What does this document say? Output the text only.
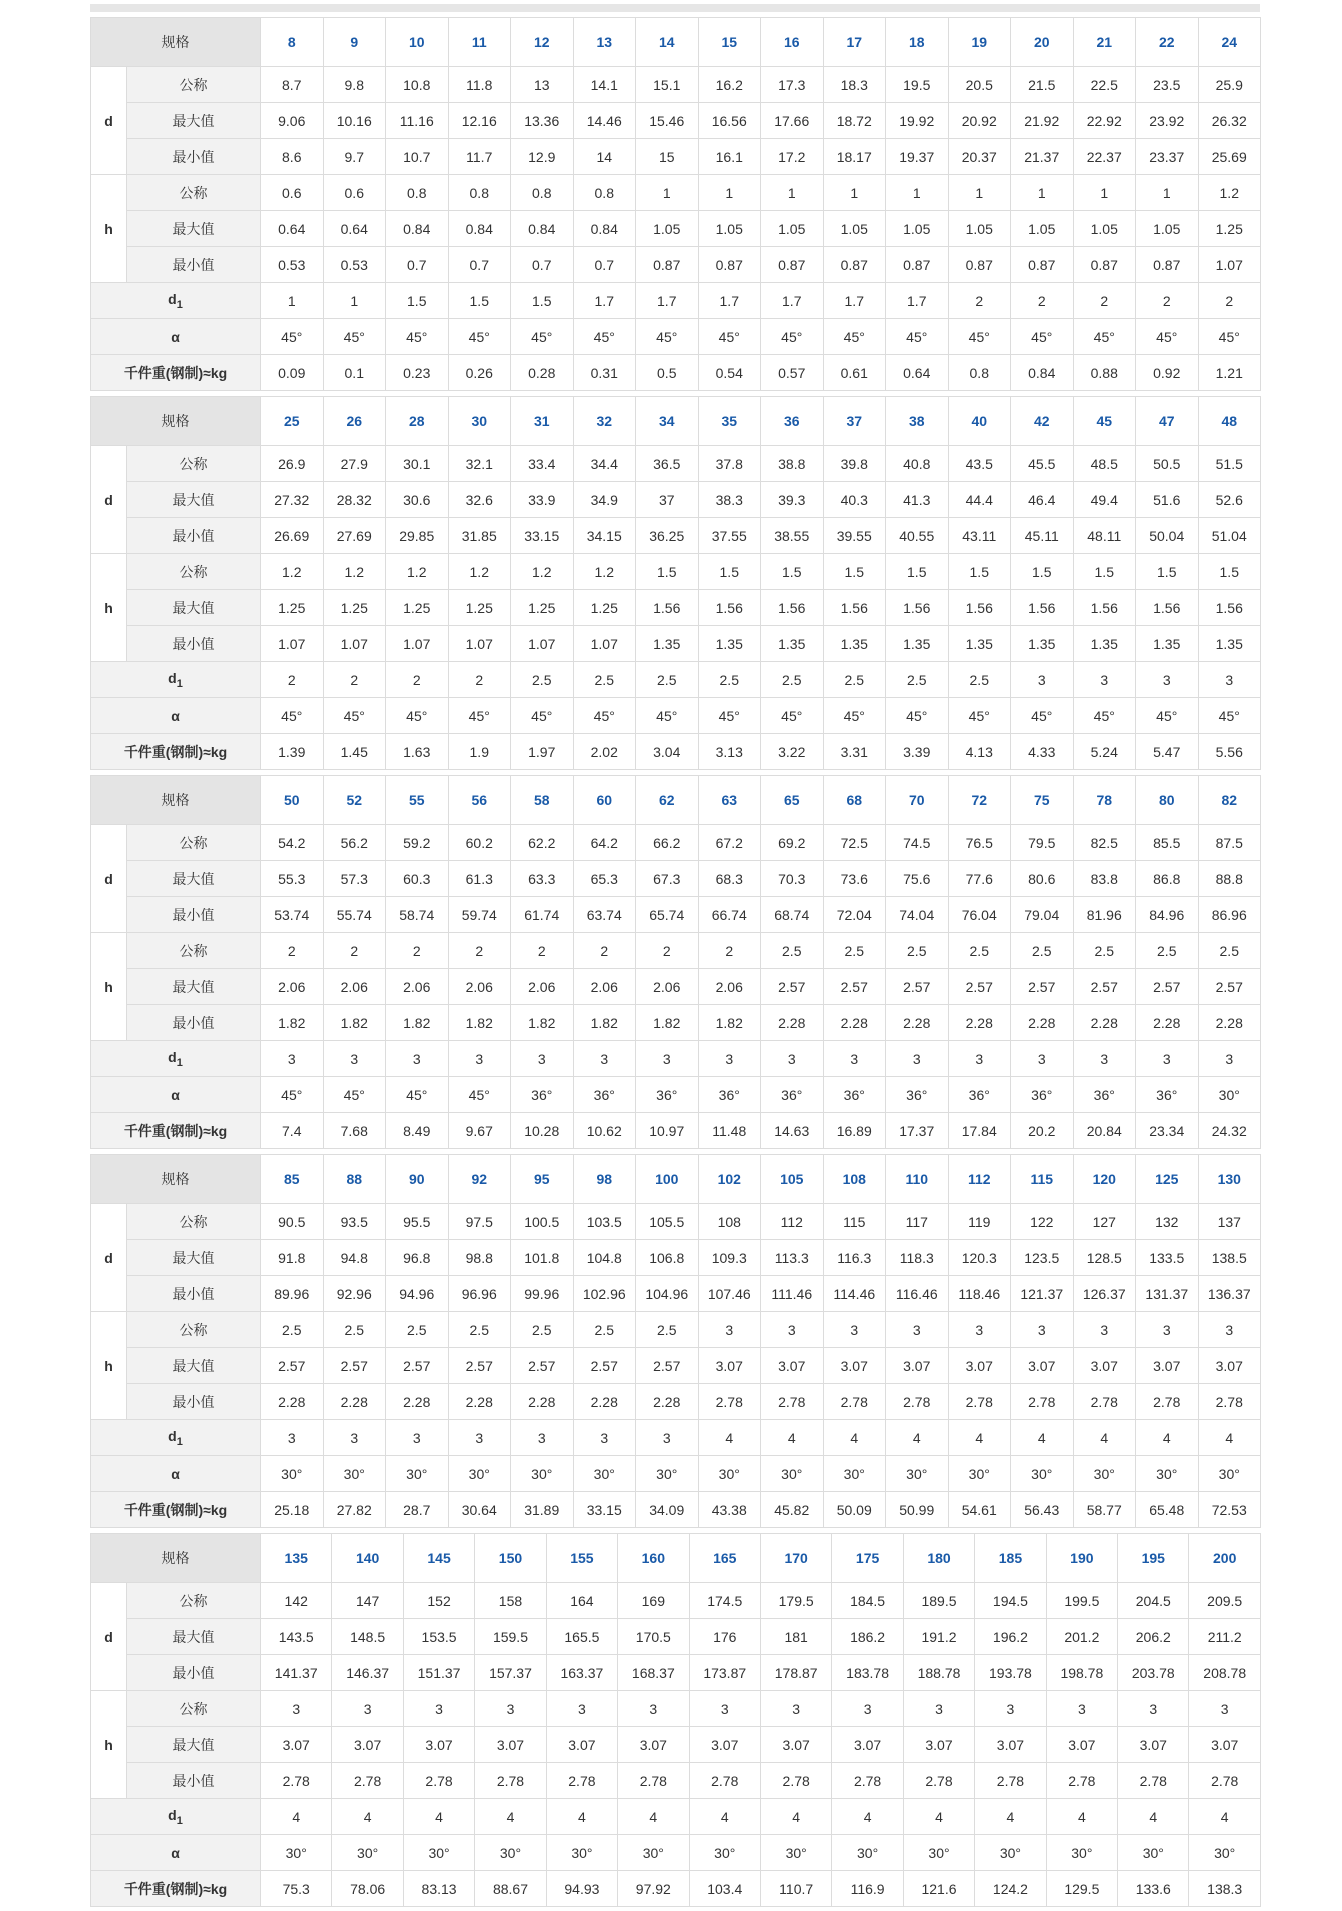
规格		8	9	10	11	12	13	14	15	16	17	18	19	20	21	22	24
d	公称	8.7	9.8	10.8	11.8	13	14.1	15.1	16.2	17.3	18.3	19.5	20.5	21.5	22.5	23.5	25.9
	最大值	9.06	10.16	11.16	12.16	13.36	14.46	15.46	16.56	17.66	18.72	19.92	20.92	21.92	22.92	23.92	26.32
	最小值	8.6	9.7	10.7	11.7	12.9	14	15	16.1	17.2	18.17	19.37	20.37	21.37	22.37	23.37	25.69
h	公称	0.6	0.6	0.8	0.8	0.8	0.8	1	1	1	1	1	1	1	1	1	1.2
	最大值	0.64	0.64	0.84	0.84	0.84	0.84	1.05	1.05	1.05	1.05	1.05	1.05	1.05	1.05	1.05	1.25
	最小值	0.53	0.53	0.7	0.7	0.7	0.7	0.87	0.87	0.87	0.87	0.87	0.87	0.87	0.87	0.87	1.07
$d_1$		1	1	1.5	1.5	1.5	1.7	1.7	1.7	1.7	1.7	1.7	2	2	2	2	2
α		45°	45°	45°	45°	45°	45°	45°	45°	45°	45°	45°	45°	45°	45°	45°	45°
千件重(钢制)≈kg		0.09	0.1	0.23	0.26	0.28	0.31	0.5	0.54	0.57	0.61	0.64	0.8	0.84	0.88	0.92	1.21
规格		25	26	28	30	31	32	34	35	36	37	38	40	42	45	47	48
d	公称	26.9	27.9	30.1	32.1	33.4	34.4	36.5	37.8	38.8	39.8	40.8	43.5	45.5	48.5	50.5	51.5
	最大值	27.32	28.32	30.6	32.6	33.9	34.9	37	38.3	39.3	40.3	41.3	44.4	46.4	49.4	51.6	52.6
	最小值	26.69	27.69	29.85	31.85	33.15	34.15	36.25	37.55	38.55	39.55	40.55	43.11	45.11	48.11	50.04	51.04
h	公称	1.2	1.2	1.2	1.2	1.2	1.2	1.5	1.5	1.5	1.5	1.5	1.5	1.5	1.5	1.5	1.5
	最大值	1.25	1.25	1.25	1.25	1.25	1.25	1.56	1.56	1.56	1.56	1.56	1.56	1.56	1.56	1.56	1.56
	最小值	1.07	1.07	1.07	1.07	1.07	1.07	1.35	1.35	1.35	1.35	1.35	1.35	1.35	1.35	1.35	1.35
$d_1$		2	2	2	2	2.5	2.5	2.5	2.5	2.5	2.5	2.5	2.5	3	3	3	3
α		45°	45°	45°	45°	45°	45°	45°	45°	45°	45°	45°	45°	45°	45°	45°	45°
千件重(钢制)≈kg		1.39	1.45	1.63	1.9	1.97	2.02	3.04	3.13	3.22	3.31	3.39	4.13	4.33	5.24	5.47	5.56
规格		50	52	55	56	58	60	62	63	65	68	70	72	75	78	80	82
d	公称	54.2	56.2	59.2	60.2	62.2	64.2	66.2	67.2	69.2	72.5	74.5	76.5	79.5	82.5	85.5	87.5
	最大值	55.3	57.3	60.3	61.3	63.3	65.3	67.3	68.3	70.3	73.6	75.6	77.6	80.6	83.8	86.8	88.8
	最小值	53.74	55.74	58.74	59.74	61.74	63.74	65.74	66.74	68.74	72.04	74.04	76.04	79.04	81.96	84.96	86.96
h	公称	2	2	2	2	2	2	2	2	2.5	2.5	2.5	2.5	2.5	2.5	2.5	2.5
	最大值	2.06	2.06	2.06	2.06	2.06	2.06	2.06	2.06	2.57	2.57	2.57	2.57	2.57	2.57	2.57	2.57
	最小值	1.82	1.82	1.82	1.82	1.82	1.82	1.82	1.82	2.28	2.28	2.28	2.28	2.28	2.28	2.28	2.28
$d_1$		3	3	3	3	3	3	3	3	3	3	3	3	3	3	3	3
α		45°	45°	45°	45°	36°	36°	36°	36°	36°	36°	36°	36°	36°	36°	36°	30°
千件重(钢制)≈kg		7.4	7.68	8.49	9.67	10.28	10.62	10.97	11.48	14.63	16.89	17.37	17.84	20.2	20.84	23.34	24.32
规格		85	88	90	92	95	98	100	102	105	108	110	112	115	120	125	130
d	公称	90.5	93.5	95.5	97.5	100.5	103.5	105.5	108	112	115	117	119	122	127	132	137
	最大值	91.8	94.8	96.8	98.8	101.8	104.8	106.8	109.3	113.3	116.3	118.3	120.3	123.5	128.5	133.5	138.5
	最小值	89.96	92.96	94.96	96.96	99.96	102.96	104.96	107.46	111.46	114.46	116.46	118.46	121.37	126.37	131.37	136.37
h	公称	2.5	2.5	2.5	2.5	2.5	2.5	2.5	3	3	3	3	3	3	3	3	3
	最大值	2.57	2.57	2.57	2.57	2.57	2.57	2.57	3.07	3.07	3.07	3.07	3.07	3.07	3.07	3.07	3.07
	最小值	2.28	2.28	2.28	2.28	2.28	2.28	2.28	2.78	2.78	2.78	2.78	2.78	2.78	2.78	2.78	2.78
$d_1$		3	3	3	3	3	3	3	4	4	4	4	4	4	4	4	4
α		30°	30°	30°	30°	30°	30°	30°	30°	30°	30°	30°	30°	30°	30°	30°	30°
千件重(钢制)≈kg		25.18	27.82	28.7	30.64	31.89	33.15	34.09	43.38	45.82	50.09	50.99	54.61	56.43	58.77	65.48	72.53
规格		135	140	145	150	155	160	165	170	175	180	185	190	195	200
d	公称	142	147	152	158	164	169	174.5	179.5	184.5	189.5	194.5	199.5	204.5	209.5
	最大值	143.5	148.5	153.5	159.5	165.5	170.5	176	181	186.2	191.2	196.2	201.2	206.2	211.2
	最小值	141.37	146.37	151.37	157.37	163.37	168.37	173.87	178.87	183.78	188.78	193.78	198.78	203.78	208.78
h	公称	3	3	3	3	3	3	3	3	3	3	3	3	3	3
	最大值	3.07	3.07	3.07	3.07	3.07	3.07	3.07	3.07	3.07	3.07	3.07	3.07	3.07	3.07
	最小值	2.78	2.78	2.78	2.78	2.78	2.78	2.78	2.78	2.78	2.78	2.78	2.78	2.78	2.78
$d_1$		4	4	4	4	4	4	4	4	4	4	4	4	4	4
α		30°	30°	30°	30°	30°	30°	30°	30°	30°	30°	30°	30°	30°	30°
千件重(钢制)≈kg		75.3	78.06	83.13	88.67	94.93	97.92	103.4	110.7	116.9	121.6	124.2	129.5	133.6	138.3
